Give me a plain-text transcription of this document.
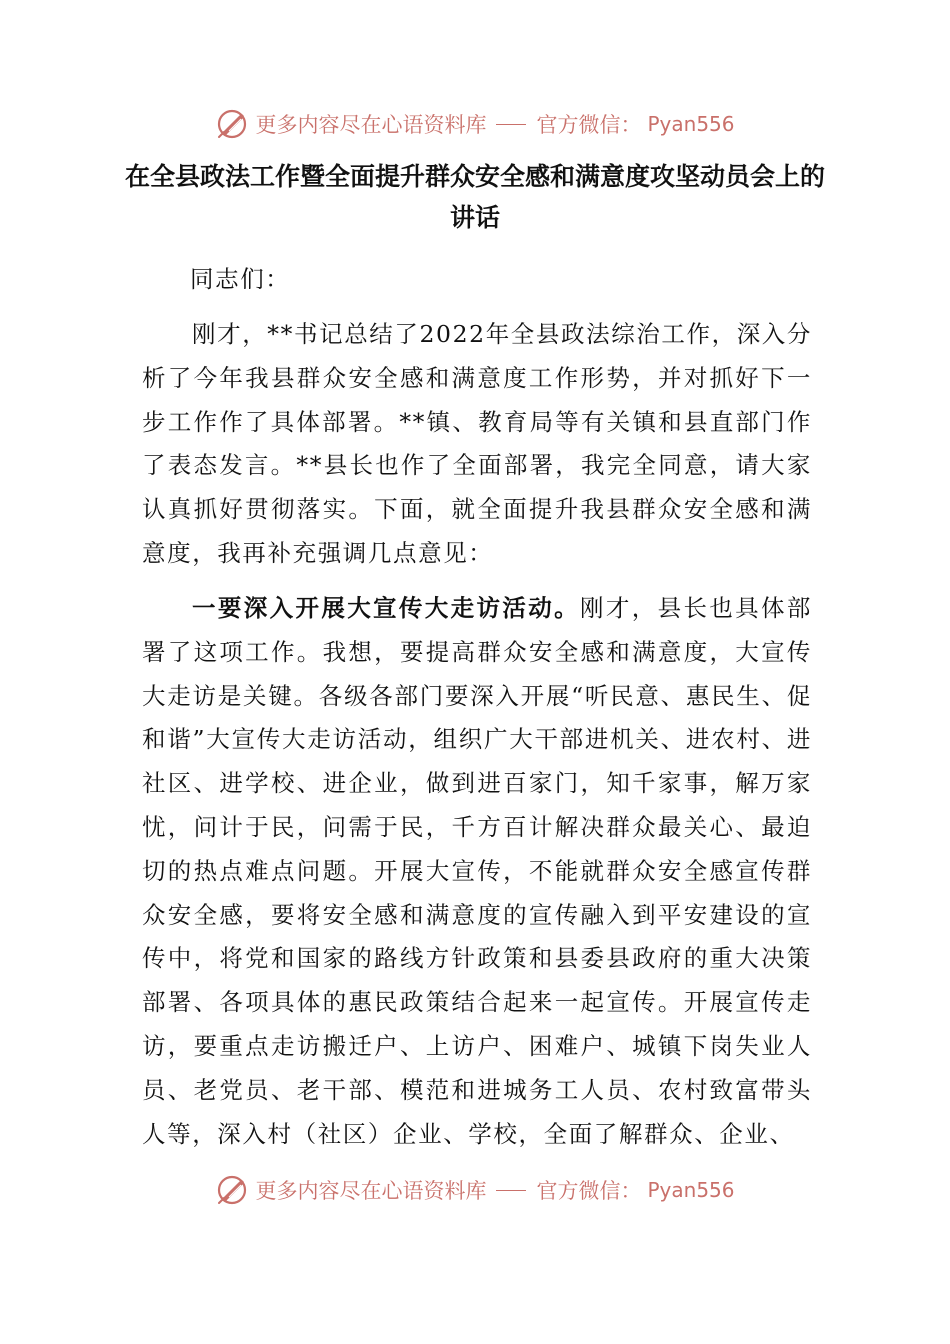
更多内容尽在心语资料库 官方微信： Pyan556
在全县政法工作暨全面提升群众安全感和满意度攻坚动员会上的讲话
同志们：
刚才，**书记总结了2022年全县政法综治工作，深入分析了今年我县群众安全感和满意度工作形势，并对抓好下一步工作作了具体部署。**镇、教育局等有关镇和县直部门作了表态发言。**县长也作了全面部署，我完全同意，请大家认真抓好贯彻落实。下面，就全面提升我县群众安全感和满意度，我再补充强调几点意见：
一要深入开展大宣传大走访活动。刚才，县长也具体部署了这项工作。我想，要提高群众安全感和满意度，大宣传大走访是关键。各级各部门要深入开展“听民意、惠民生、促和谐”大宣传大走访活动，组织广大干部进机关、进农村、进社区、进学校、进企业，做到进百家门，知千家事，解万家忧，问计于民，问需于民，千方百计解决群众最关心、最迫切的热点难点问题。开展大宣传，不能就群众安全感宣传群众安全感，要将安全感和满意度的宣传融入到平安建设的宣传中，将党和国家的路线方针政策和县委县政府的重大决策部署、各项具体的惠民政策结合起来一起宣传。开展宣传走访，要重点走访搬迁户、上访户、困难户、城镇下岗失业人员、老党员、老干部、模范和进城务工人员、农村致富带头人等，深入村（社区）企业、学校，全面了解群众、企业、
更多内容尽在心语资料库 官方微信： Pyan556
